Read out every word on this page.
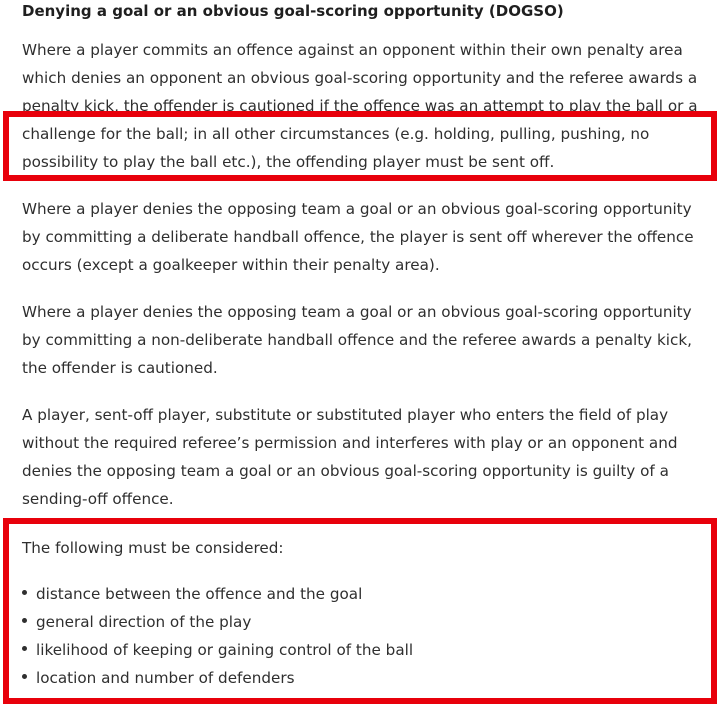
Denying a goal or an obvious goal-scoring opportunity (DOGSO)

Where a player commits an offence against an opponent within their own penalty area
which denies an opponent an obvious goal-scoring opportunity and the referee awards a
penalty kick, the offender is cautioned if the offence was an attempt to play the ball or a
challenge for the ball; in all other circumstances (e.g. holding, pulling, pushing, no
possibility to play the ball etc.), the offending player must be sent off.

Where a player denies the opposing team a goal or an obvious goal-scoring opportunity
by committing a deliberate handball offence, the player is sent off wherever the offence
occurs (except a goalkeeper within their penalty area).

Where a player denies the opposing team a goal or an obvious goal-scoring opportunity
by committing a non-deliberate handball offence and the referee awards a penalty kick,
the offender is cautioned.

A player, sent-off player, substitute or substituted player who enters the field of play
without the required referee’s permission and interferes with play or an opponent and
denies the opposing team a goal or an obvious goal-scoring opportunity is guilty of a
sending-off offence.

The following must be considered:

distance between the offence and the goal
general direction of the play
likelihood of keeping or gaining control of the ball
location and number of defenders
